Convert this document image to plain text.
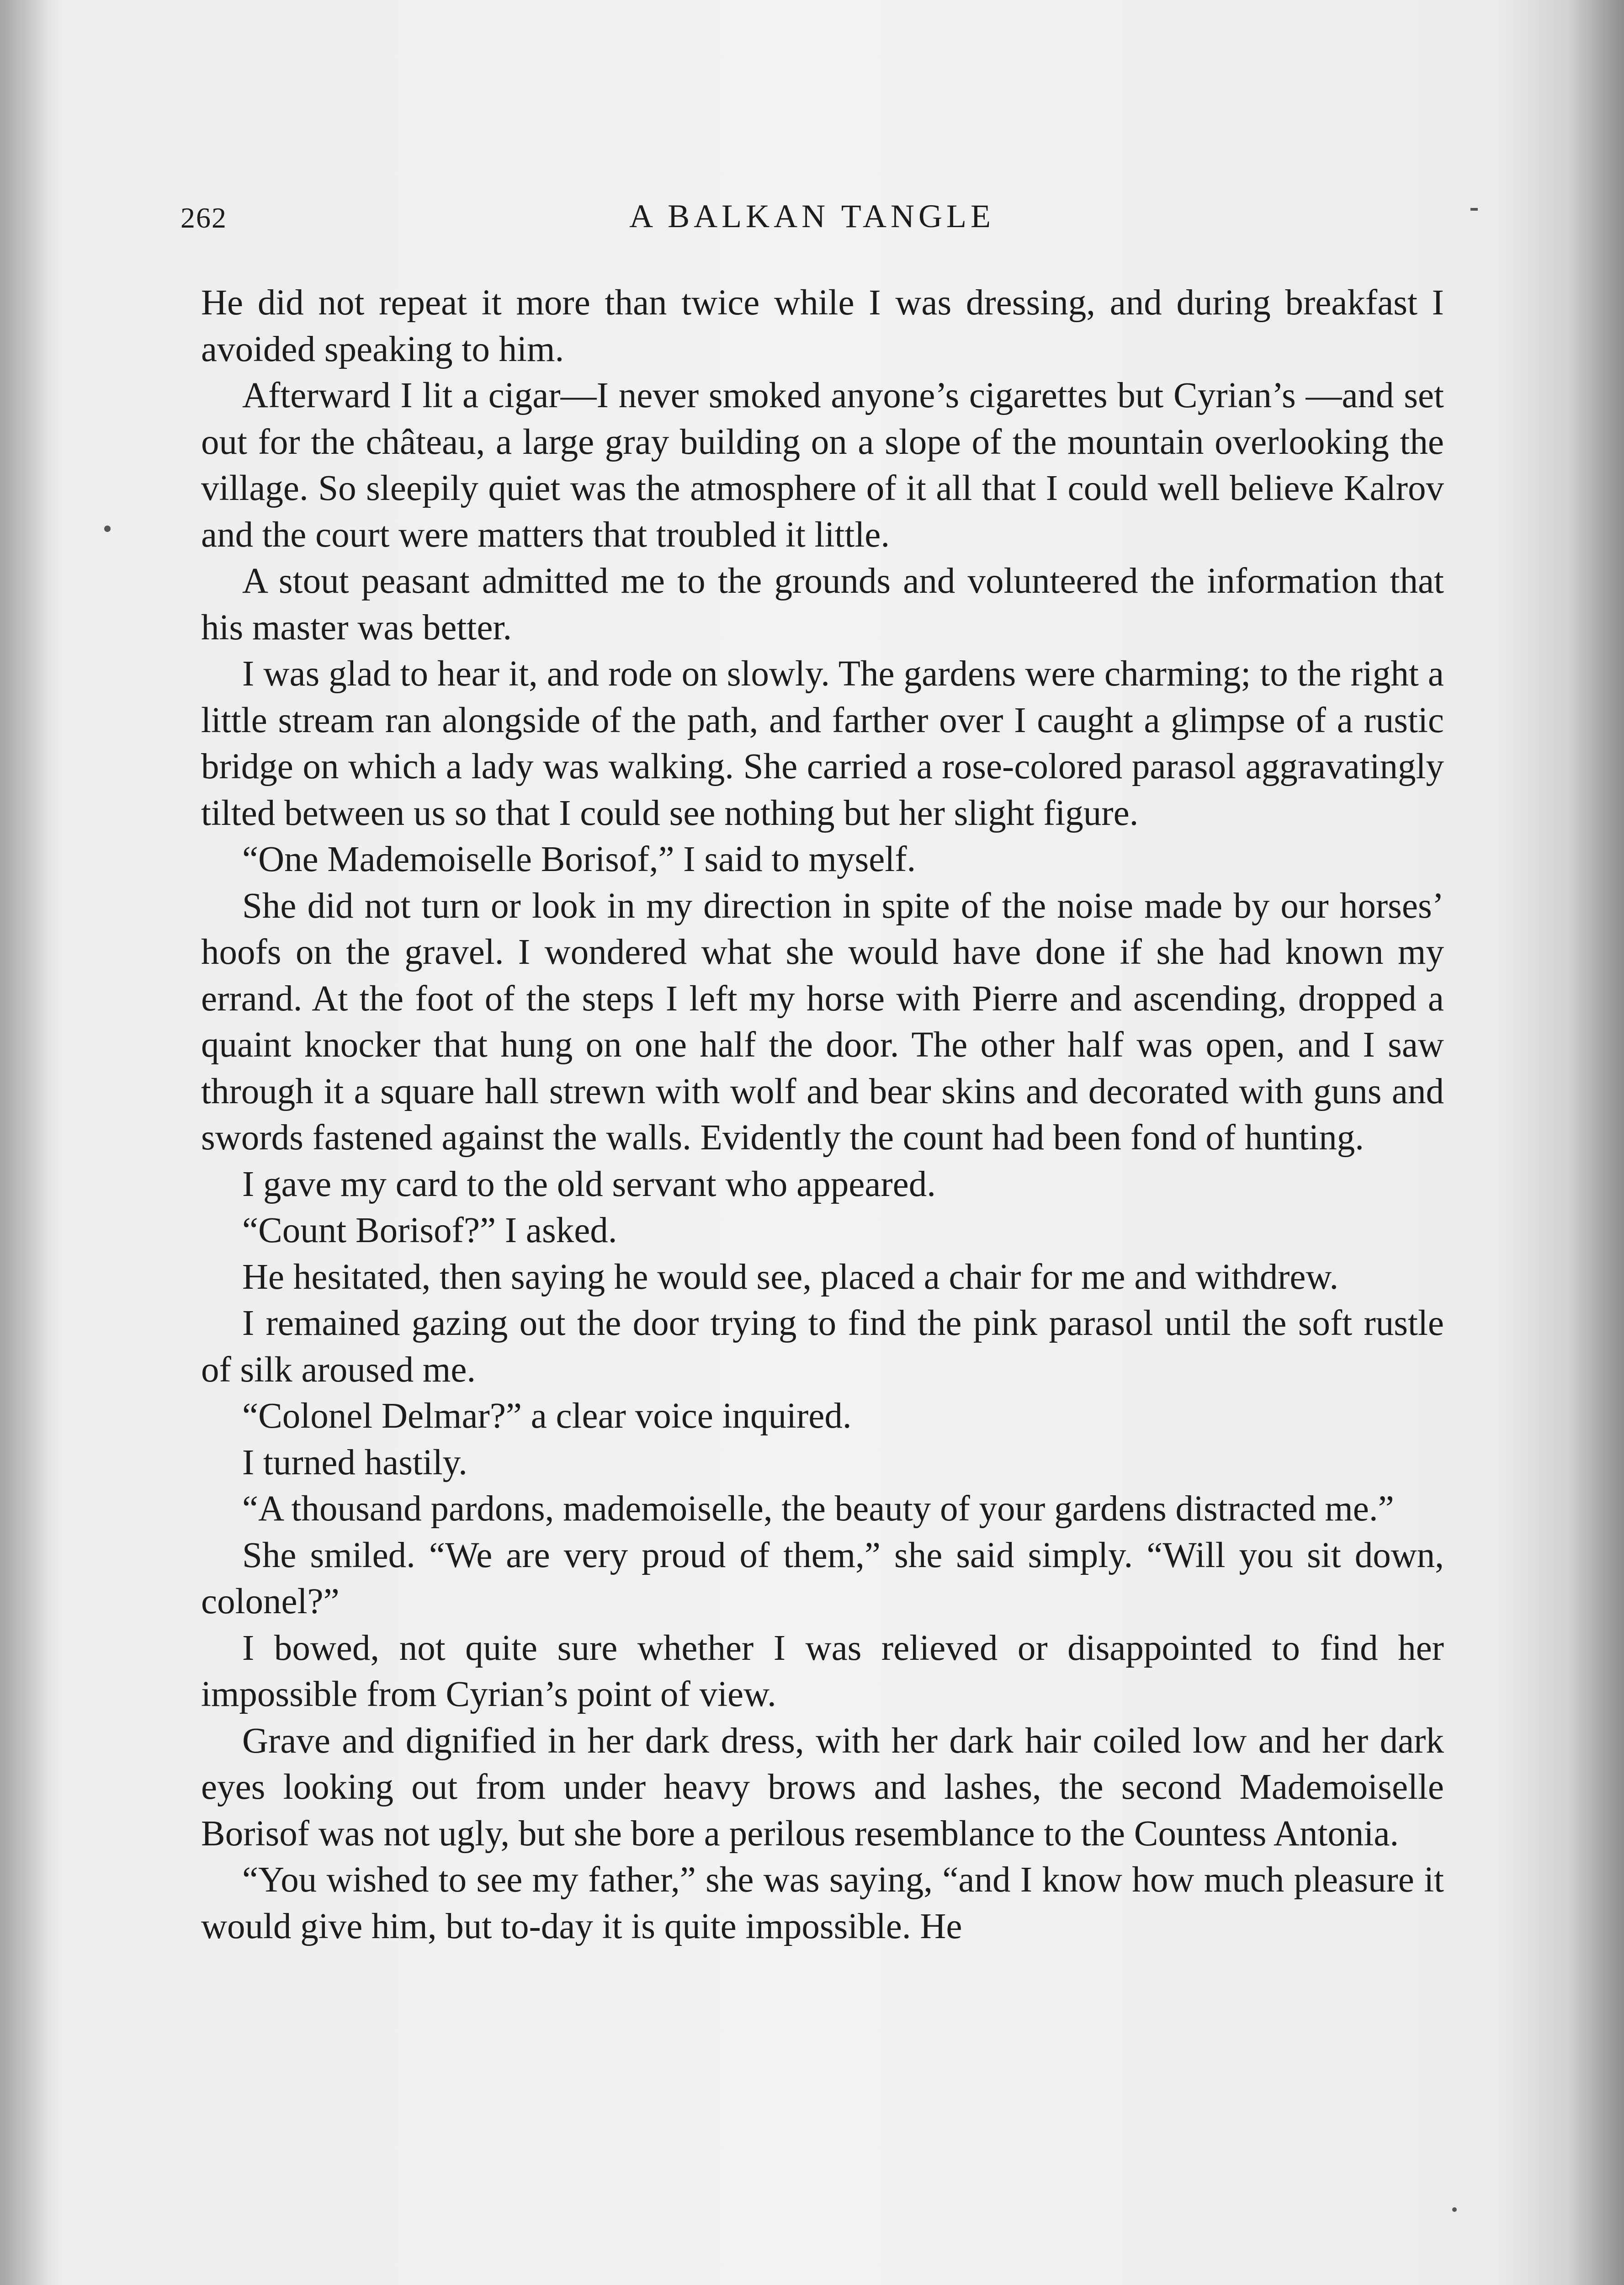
262	A BALKAN TANGLE

He did not repeat it more than twice while I was dressing, and during breakfast I avoided speaking to him.

Afterward I lit a cigar—I never smoked anyone’s cigarettes but Cyrian’s —and set out for the château, a large gray building on a slope of the mountain overlooking the village. So sleepily quiet was the atmosphere of it all that I could well believe Kalrov and the court were matters that troubled it little.

A stout peasant admitted me to the grounds and volunteered the information that his master was better.

I was glad to hear it, and rode on slowly. The gardens were charming; to the right a little stream ran alongside of the path, and farther over I caught a glimpse of a rustic bridge on which a lady was walking. She carried a rose-colored parasol aggravatingly tilted between us so that I could see nothing but her slight figure.

“One Mademoiselle Borisof,” I said to myself.

She did not turn or look in my direction in spite of the noise made by our horses’ hoofs on the gravel. I wondered what she would have done if she had known my errand. At the foot of the steps I left my horse with Pierre and ascending, dropped a quaint knocker that hung on one half the door. The other half was open, and I saw through it a square hall strewn with wolf and bear skins and decorated with guns and swords fastened against the walls. Evidently the count had been fond of hunting.

I gave my card to the old servant who appeared.

“Count Borisof?” I asked.

He hesitated, then saying he would see, placed a chair for me and withdrew.

I remained gazing out the door trying to find the pink parasol until the soft rustle of silk aroused me.

“Colonel Delmar?” a clear voice inquired.

I turned hastily.

“A thousand pardons, mademoiselle, the beauty of your gardens distracted me.”

She smiled. “We are very proud of them,” she said simply. “Will you sit down, colonel?”

I bowed, not quite sure whether I was relieved or disappointed to find her impossible from Cyrian’s point of view.

Grave and dignified in her dark dress, with her dark hair coiled low and her dark eyes looking out from under heavy brows and lashes, the second Mademoiselle Borisof was not ugly, but she bore a perilous resemblance to the Countess Antonia.

“You wished to see my father,” she was saying, “and I know how much pleasure it would give him, but to-day it is quite impossible. He
